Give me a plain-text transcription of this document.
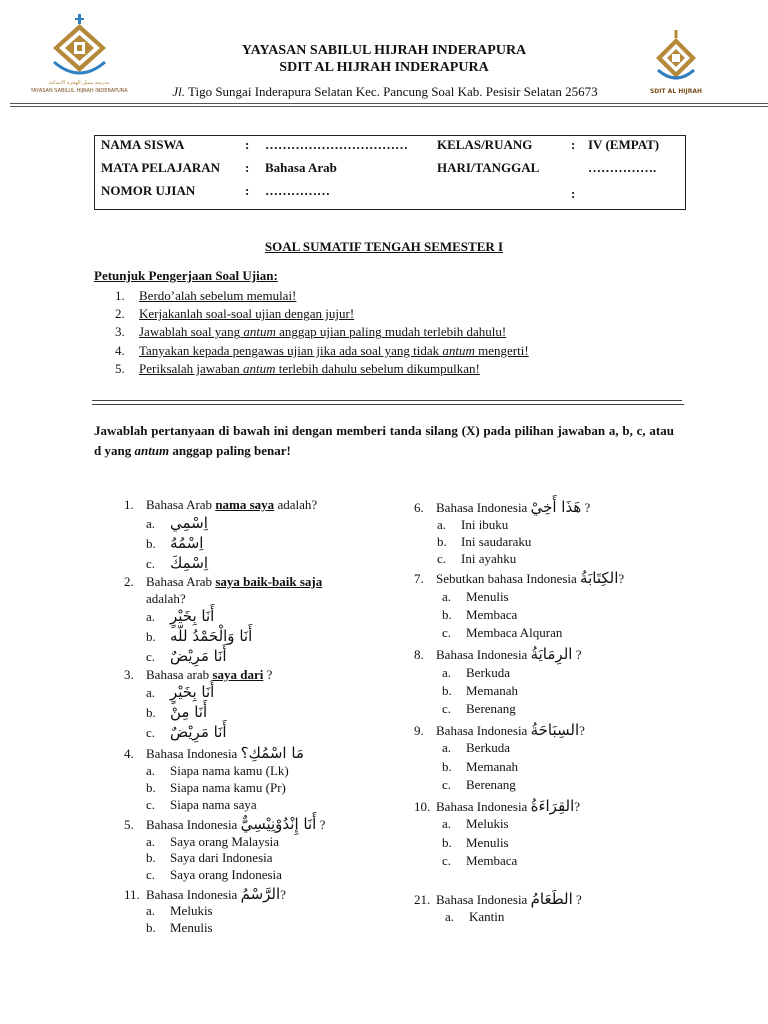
مدرسة سبيل الهجرة الابتدائية
YAYASAN SABILUL HIJRAH INDERAPURA
YAYASAN SABILUL HIJRAH INDERAPURA
SDIT AL HIJRAH INDERAPURA
Jl. Tigo Sungai Inderapura Selatan Kec. Pancung Soal Kab. Pesisir Selatan 25673	SDIT AL HIJRAH
NAMA SISWA	: …………………………… KELAS/RUANG	: IV (EMPAT)
MATA PELAJARAN : Bahasa Arab	HARI/TANGGAL	…………….
NOMOR UJIAN	: ……………	:
SOAL SUMATIF TENGAH SEMESTER I
Petunjuk Pengerjaan Soal Ujian:
1. Berdo’alah sebelum memulai!
2. Kerjakanlah soal-soal ujian dengan jujur!
3. Jawablah soal yang antum anggap ujian paling mudah terlebih dahulu!
4. Tanyakan kepada pengawas ujian jika ada soal yang tidak antum mengerti!
5. Periksalah jawaban antum terlebih dahulu sebelum dikumpulkan!
Jawablah pertanyaan di bawah ini dengan memberi tanda silang (X) pada pilihan jawaban a, b, c, atau d yang antum anggap paling benar!
1. Bahasa Arab nama saya adalah?
a. اِسْمِي
b. اِسْمُهُ
c. اِسْمِكَ
2. Bahasa Arab saya baik-baik saja
adalah?
a. أَنَا بِخَيْرٍ
b. أَنَا وَالْحَمْدُ للّه
c. أَنَا مَرِيْضٌ
3. Bahasa arab saya dari ?
a. أَنَا بِخَيْرٍ
b. أَنَا مِنْ
c. أَنَا مَرِيْضٌ
4. Bahasa Indonesia مَا اسْمُكِ؟
a. Siapa nama kamu (Lk)
b. Siapa nama kamu (Pr)
c. Siapa nama saya
5. Bahasa Indonesia أَنَا إِنْدُوْنِيْسِيٌّ ?
a. Saya orang Malaysia
b. Saya dari Indonesia
c. Saya orang Indonesia
11. Bahasa Indonesia الرَّسْمُ?
a. Melukis
b. Menulis
6. Bahasa Indonesia هَذَا أَخِيْ ?
a. Ini ibuku
b. Ini saudaraku
c. Ini ayahku
7. Sebutkan bahasa Indonesia الكِتَابَةُ?
a. Menulis
b. Membaca
c. Membaca Alquran
8. Bahasa Indonesia الرِمَايَةُ ?
a. Berkuda
b. Memanah
c. Berenang
9. Bahasa Indonesia السِبَاحَةُ?
a. Berkuda
b. Memanah
c. Berenang
10. Bahasa Indonesia القِرَاءَةُ?
a. Melukis
b. Menulis
c. Membaca
21. Bahasa Indonesia الطَعَامُ ?
a. Kantin
